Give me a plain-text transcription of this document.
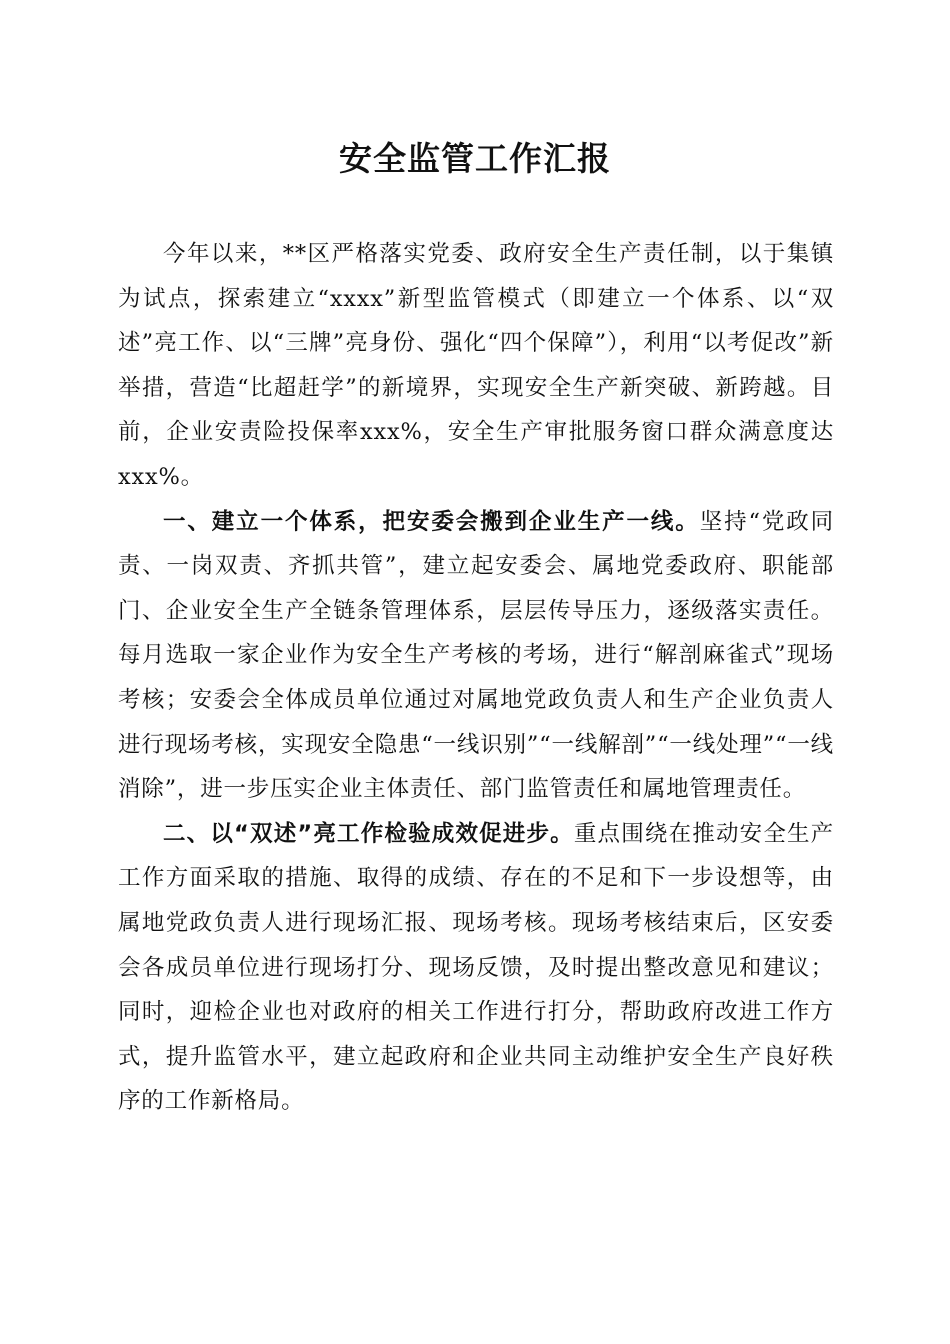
安全监管工作汇报

今年以来，**区严格落实党委、政府安全生产责任制，以于集镇为试点，探索建立“xxxx”新型监管模式（即建立一个体系、以“双述”亮工作、以“三牌”亮身份、强化“四个保障”），利用“以考促改”新举措，营造“比超赶学”的新境界，实现安全生产新突破、新跨越。目前，企业安责险投保率xxx%，安全生产审批服务窗口群众满意度达xxx%。

一、建立一个体系，把安委会搬到企业生产一线。坚持“党政同责、一岗双责、齐抓共管”，建立起安委会、属地党委政府、职能部门、企业安全生产全链条管理体系，层层传导压力，逐级落实责任。每月选取一家企业作为安全生产考核的考场，进行“解剖麻雀式”现场考核；安委会全体成员单位通过对属地党政负责人和生产企业负责人进行现场考核，实现安全隐患“一线识别”“一线解剖”“一线处理”“一线消除”，进一步压实企业主体责任、部门监管责任和属地管理责任。

二、以“双述”亮工作检验成效促进步。重点围绕在推动安全生产工作方面采取的措施、取得的成绩、存在的不足和下一步设想等，由属地党政负责人进行现场汇报、现场考核。现场考核结束后，区安委会各成员单位进行现场打分、现场反馈，及时提出整改意见和建议；同时，迎检企业也对政府的相关工作进行打分，帮助政府改进工作方式，提升监管水平，建立起政府和企业共同主动维护安全生产良好秩序的工作新格局。
